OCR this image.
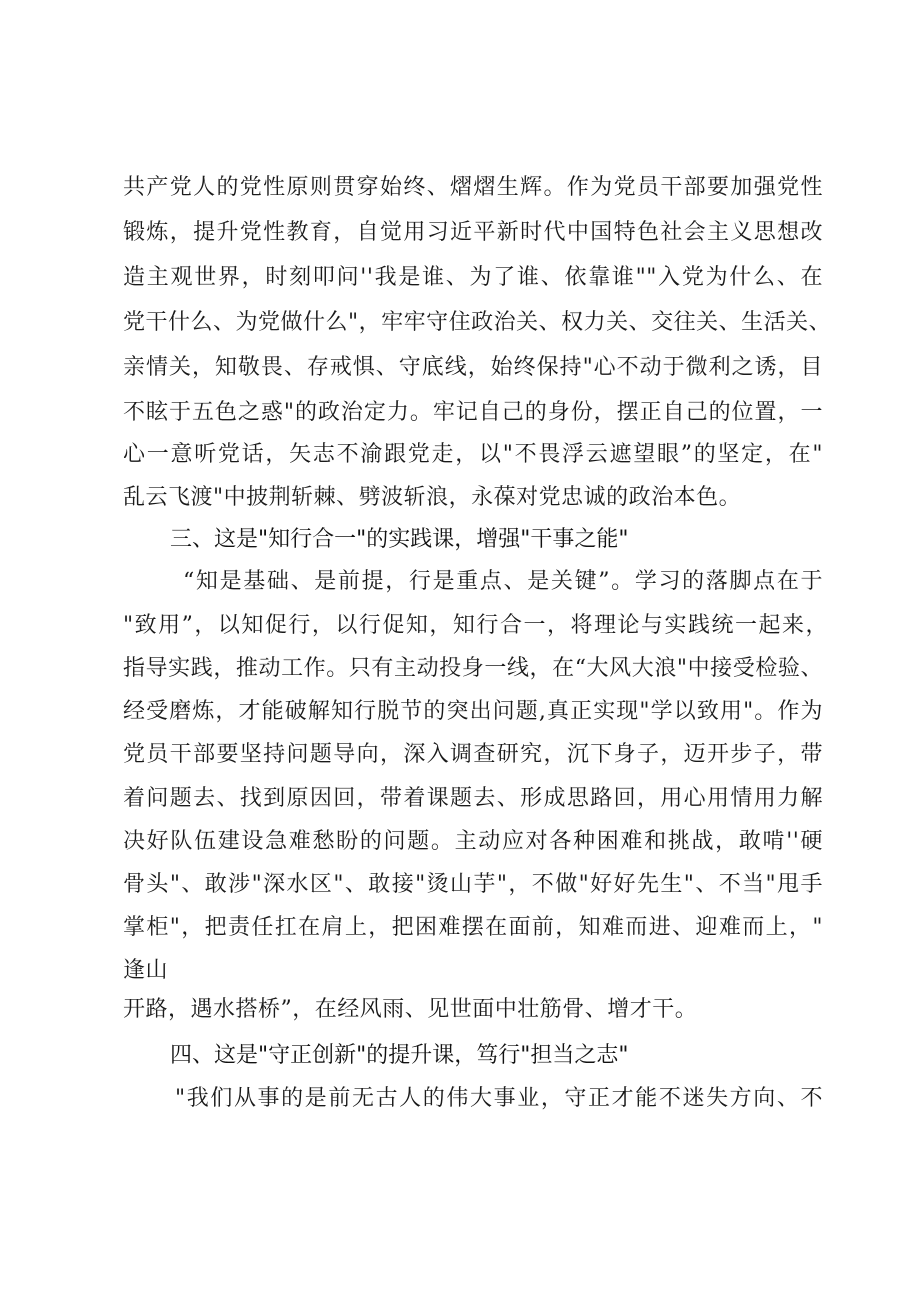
共产党人的党性原则贯穿始终、熠熠生辉。作为党员干部要加强党性
锻炼，提升党性教育，自觉用习近平新时代中国特色社会主义思想改
造主观世界，时刻叩问''我是谁、为了谁、依靠谁""入党为什么、在
党干什么、为党做什么"，牢牢守住政治关、权力关、交往关、生活关、
亲情关，知敬畏、存戒惧、守底线，始终保持"心不动于微利之诱，目
不眩于五色之惑"的政治定力。牢记自己的身份，摆正自己的位置，一
心一意听党话，矢志不渝跟党走，以"不畏浮云遮望眼”的坚定，在"
乱云飞渡"中披荆斩棘、劈波斩浪，永葆对党忠诚的政治本色。
三、这是"知行合一"的实践课，增强"干事之能"
“知是基础、是前提，行是重点、是关键”。学习的落脚点在于
"致用”，以知促行，以行促知，知行合一，将理论与实践统一起来，
指导实践，推动工作。只有主动投身一线，在“大风大浪"中接受检验、
经受磨炼，才能破解知行脱节的突出问题,真正实现"学以致用"。作为
党员干部要坚持问题导向，深入调查研究，沉下身子，迈开步子，带
着问题去、找到原因回，带着课题去、形成思路回，用心用情用力解
决好队伍建设急难愁盼的问题。主动应对各种困难和挑战，敢啃''硬
骨头"、敢涉"深水区"、敢接"烫山芋"，不做"好好先生"、不当"甩手
掌柜"，把责任扛在肩上，把困难摆在面前，知难而进、迎难而上，"
逢山
开路，遇水搭桥”，在经风雨、见世面中壮筋骨、增才干。
四、这是"守正创新"的提升课，笃行"担当之志"
"我们从事的是前无古人的伟大事业，守正才能不迷失方向、不
